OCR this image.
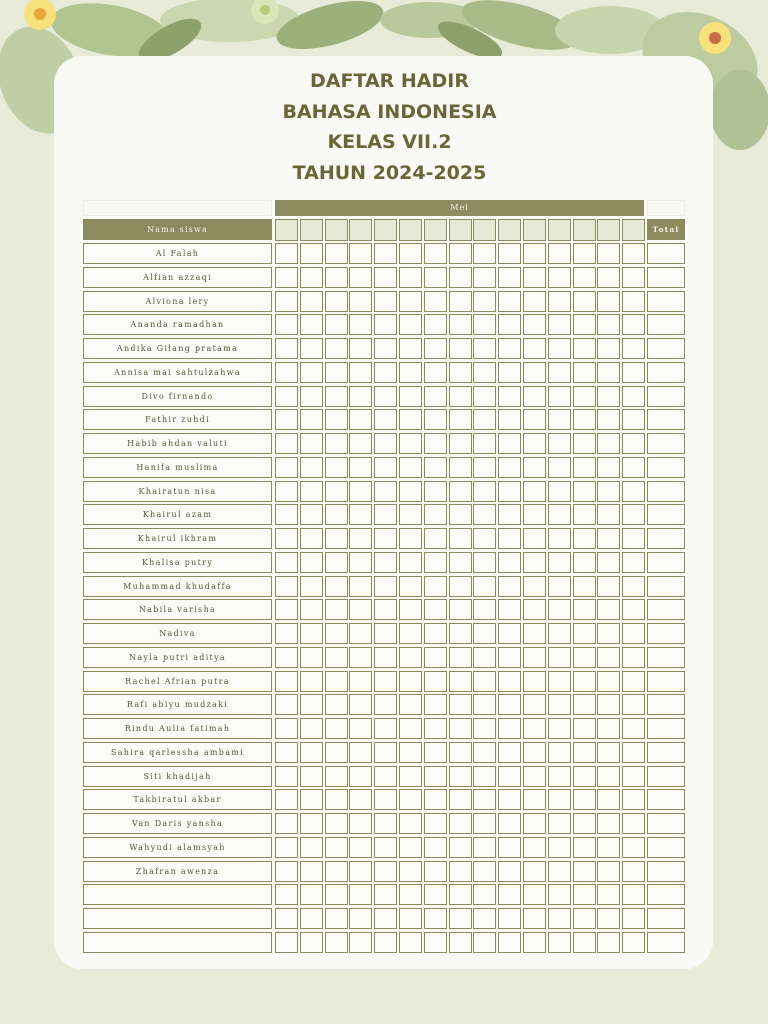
DAFTAR HADIR
BAHASA INDONESIA
KELAS VII.2
TAHUN 2024-2025
Mei
Nama siswa	Total
Al Falah
Alfian azzaqi
Alviona lery
Ananda ramadhan
Andika Gilang pratama
Annisa mai sahtulzahwa
Divo firnando
Fathir zuhdi
Habib ahdan valuti
Hanifa muslima
Khairatun nisa
Khairul azam
Khairul ikhram
Khalisa putry
Muhammad khudaffa
Nabila varisha
Nadiva
Nayla putri aditya
Rachel Afrian putra
Rafi abiyu mudzaki
Rindu Aulia fatimah
Sahira qarlessha ambami
Siti khadijah
Takbiratul akbar
Van Daris yansha
Wahyudi alamsyah
Zhafran awenza
